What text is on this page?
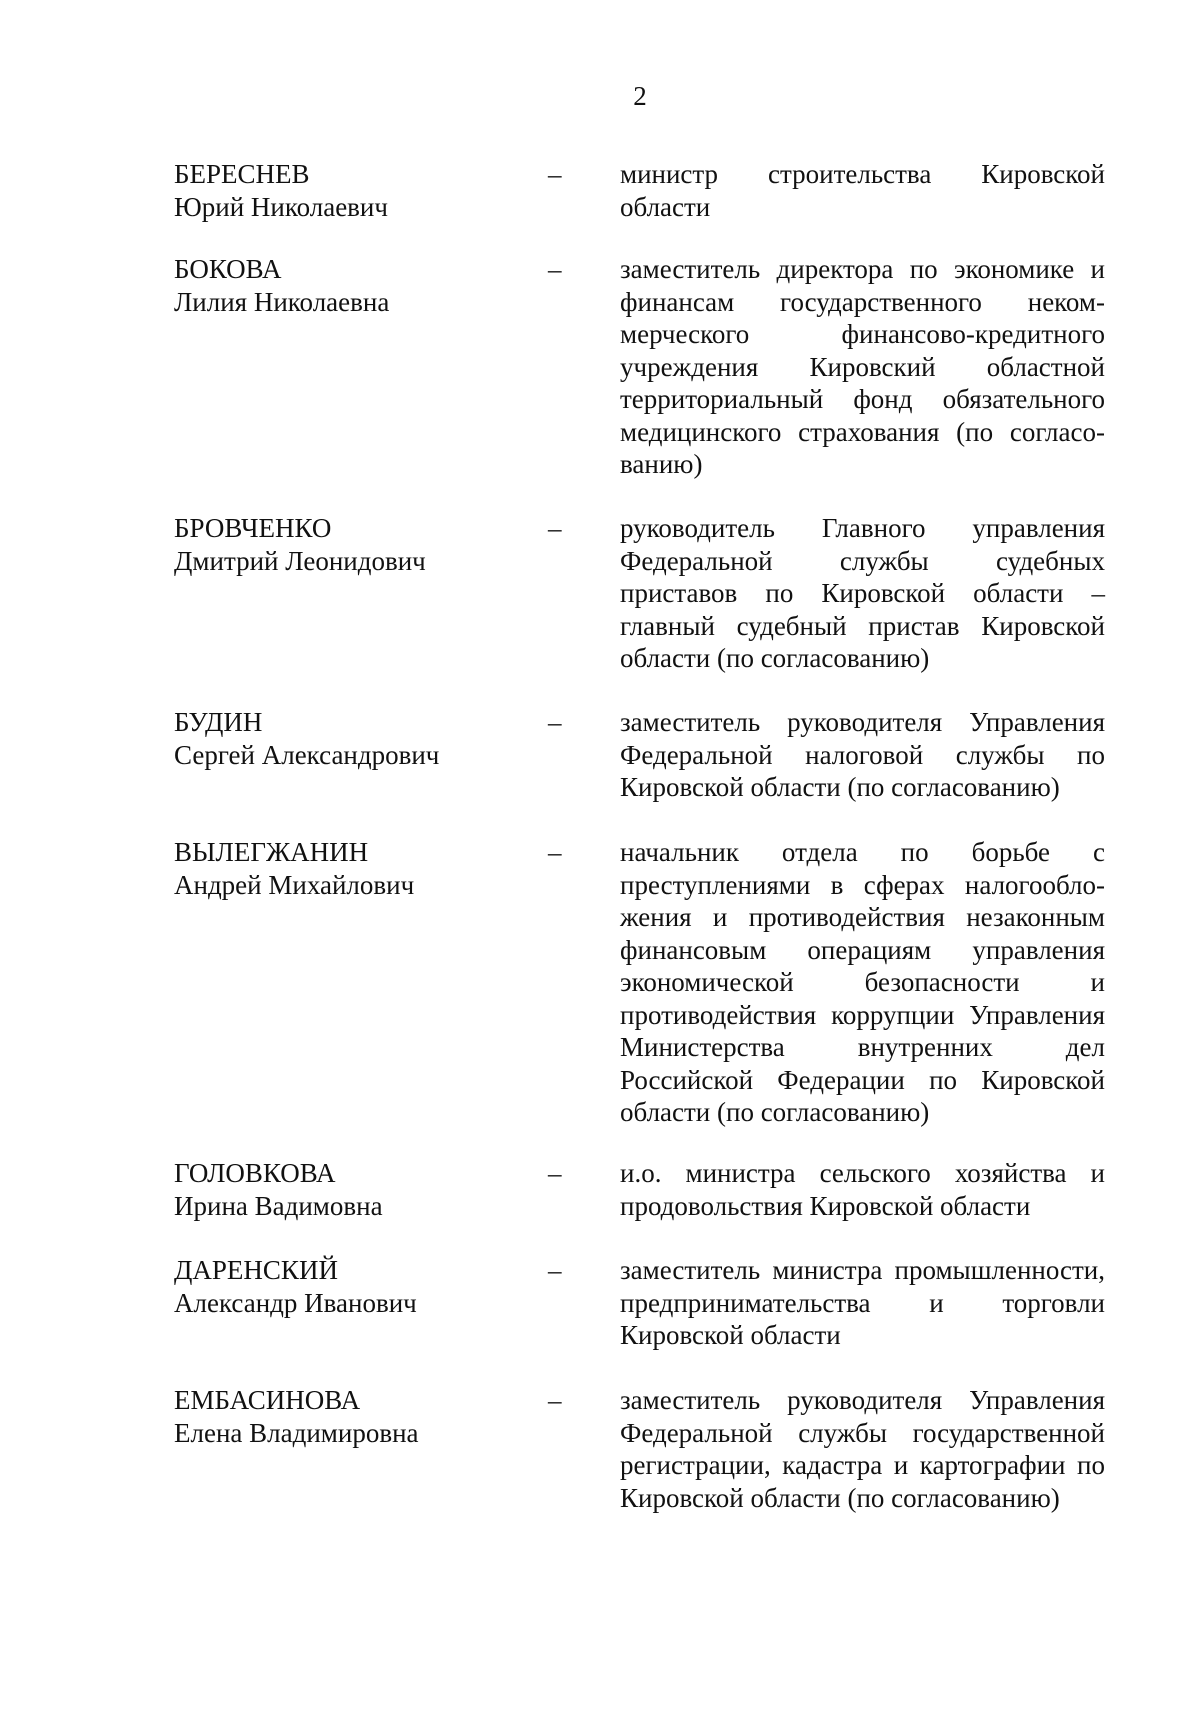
2
БЕРЕСНЕВ
Юрий Николаевич
– министр строительства Кировской области
БОКОВА
Лилия Николаевна
– заместитель директора по экономике и финансам государственного некоммерческого финансово-кредитного учреждения Кировский областной территориальный фонд обязательного медицинского страхования (по согласованию)
БРОВЧЕНКО
Дмитрий Леонидович
– руководитель Главного управления Федеральной службы судебных приставов по Кировской области – главный судебный пристав Кировской области (по согласованию)
БУДИН
Сергей Александрович
– заместитель руководителя Управления Федеральной налоговой службы по Кировской области (по согласованию)
ВЫЛЕГЖАНИН
Андрей Михайлович
– начальник отдела по борьбе с преступлениями в сферах налогообложения и противодействия незаконным финансовым операциям управления экономической безопасности и противодействия коррупции Управления Министерства внутренних дел Российской Федерации по Кировской области (по согласованию)
ГОЛОВКОВА
Ирина Вадимовна
– и.о. министра сельского хозяйства и продовольствия Кировской области
ДАРЕНСКИЙ
Александр Иванович
– заместитель министра промышленности, предпринимательства и торговли Кировской области
ЕМБАСИНОВА
Елена Владимировна
– заместитель руководителя Управления Федеральной службы государственной регистрации, кадастра и картографии по Кировской области (по согласованию)
